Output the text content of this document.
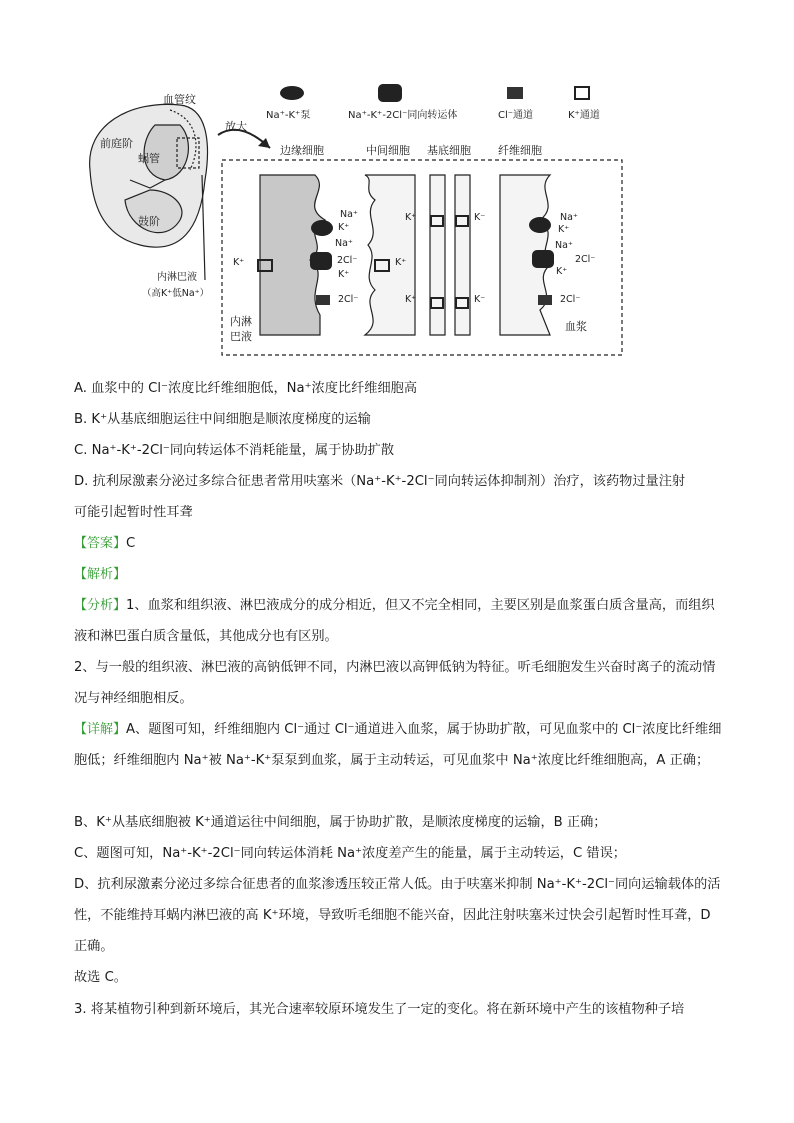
放大
血管纹
前庭阶
蜗管
鼓阶
内淋巴液
（高K⁺低Na⁺）
Na⁺-K⁺泵	Na⁺-K⁺-2Cl⁻同向转运体	Cl⁻通道	K⁺通道
边缘细胞	中间细胞 基底细胞 纤维细胞
Na⁺
K⁺
Na⁺
2Cl⁻
K⁺
2Cl⁻
K⁺	K⁺
K⁺	K⁻
K⁺	K⁻
Na⁺
K⁺
Na⁺
2Cl⁻
K⁺
2Cl⁻
内淋
巴液
血浆
A. 血浆中的 Cl⁻浓度比纤维细胞低，Na⁺浓度比纤维细胞高
B. K⁺从基底细胞运往中间细胞是顺浓度梯度的运输
C. Na⁺-K⁺-2Cl⁻同向转运体不消耗能量，属于协助扩散
D. 抗利尿激素分泌过多综合征患者常用呋塞米（Na⁺-K⁺-2Cl⁻同向转运体抑制剂）治疗，该药物过量注射
可能引起暂时性耳聋
【答案】C
【解析】
【分析】1、血浆和组织液、淋巴液成分的成分相近，但又不完全相同，主要区别是血浆蛋白质含量高，而组织液和淋巴蛋白质含量低，其他成分也有区别。
2、与一般的组织液、淋巴液的高钠低钾不同，内淋巴液以高钾低钠为特征。听毛细胞发生兴奋时离子的流动情况与神经细胞相反。
【详解】A、题图可知，纤维细胞内 Cl⁻通过 Cl⁻通道进入血浆，属于协助扩散，可见血浆中的 Cl⁻浓度比纤维细胞低；纤维细胞内 Na⁺被 Na⁺-K⁺泵泵到血浆，属于主动转运，可见血浆中 Na⁺浓度比纤维细胞高，A 正确；
B、K⁺从基底细胞被 K⁺通道运往中间细胞，属于协助扩散，是顺浓度梯度的运输，B 正确；
C、题图可知，Na⁺-K⁺-2Cl⁻同向转运体消耗 Na⁺浓度差产生的能量，属于主动转运，C 错误；
D、抗利尿激素分泌过多综合征患者的血浆渗透压较正常人低。由于呋塞米抑制 Na⁺-K⁺-2Cl⁻同向运输载体的活性，不能维持耳蜗内淋巴液的高 K⁺环境，导致听毛细胞不能兴奋，因此注射呋塞米过快会引起暂时性耳聋，D 正确。
故选 C。
3. 将某植物引种到新环境后，其光合速率较原环境发生了一定的变化。将在新环境中产生的该植物种子培
